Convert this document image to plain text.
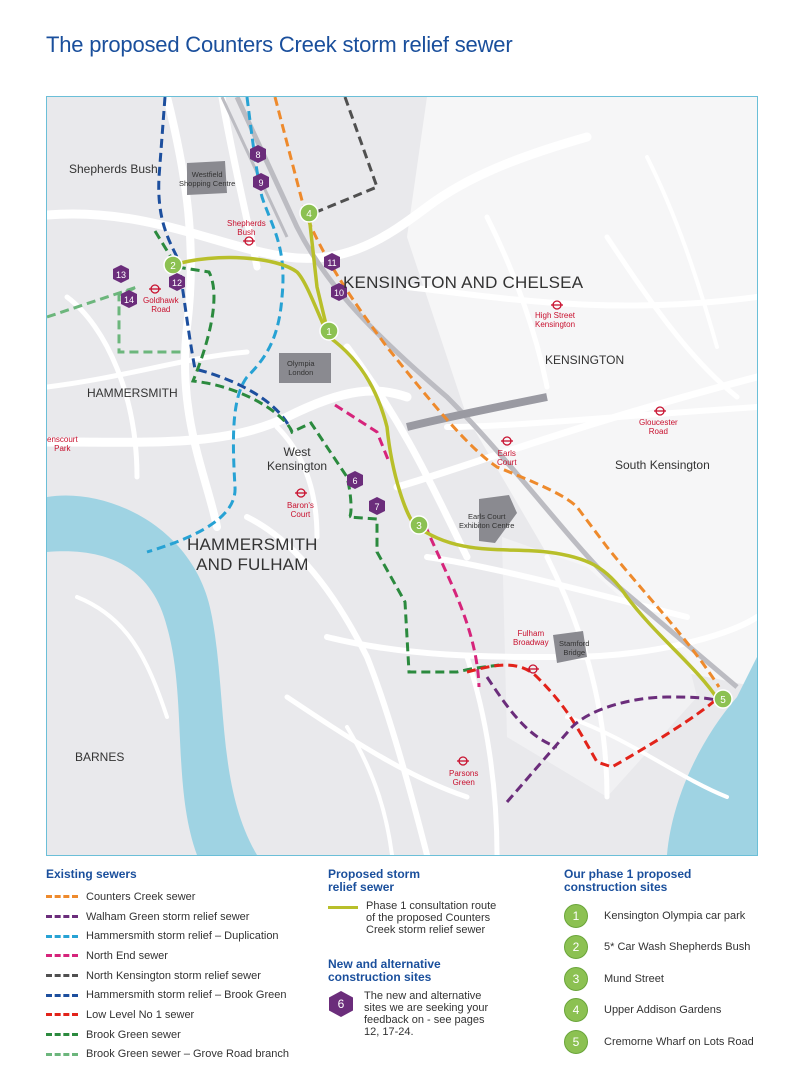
The proposed Counters Creek storm relief sewer
1
2
3
4
5
6
7
8
9
10
11
12
13
14
Shepherds Bush
KENSINGTON AND CHELSEA
KENSINGTON
HAMMERSMITH
West
Kensington	South Kensington
HAMMERSMITH
AND FULHAM
BARNES
Shepherds
Bush
Goldhawk
Road
High Street
Kensington
enscourt
Park
Gloucester
Road
Earls
Court
Baron's
Court
Fulham
Broadway
Parsons
Green
Westfield
Shopping Centre
Olympia
London
Earls Court
Exhibiton Centre
Stamford
Bridge
Existing sewers
Counters Creek sewer
Walham Green storm relief sewer
Hammersmith storm relief – Duplication
North End sewer
North Kensington storm relief sewer
Hammersmith storm relief – Brook Green
Low Level No 1 sewer
Brook Green sewer
Brook Green sewer – Grove Road branch
Proposed storm
relief sewer
Phase 1 consultation route of the proposed Counters Creek storm relief sewer
New and alternative
construction sites
6
The new and alternative sites we are seeking your feedback on - see pages 12, 17-24.
Our phase 1 proposed
construction sites
1	Kensington Olympia car park
2	5* Car Wash Shepherds Bush
3	Mund Street
4	Upper Addison Gardens
5	Cremorne Wharf on Lots Road
